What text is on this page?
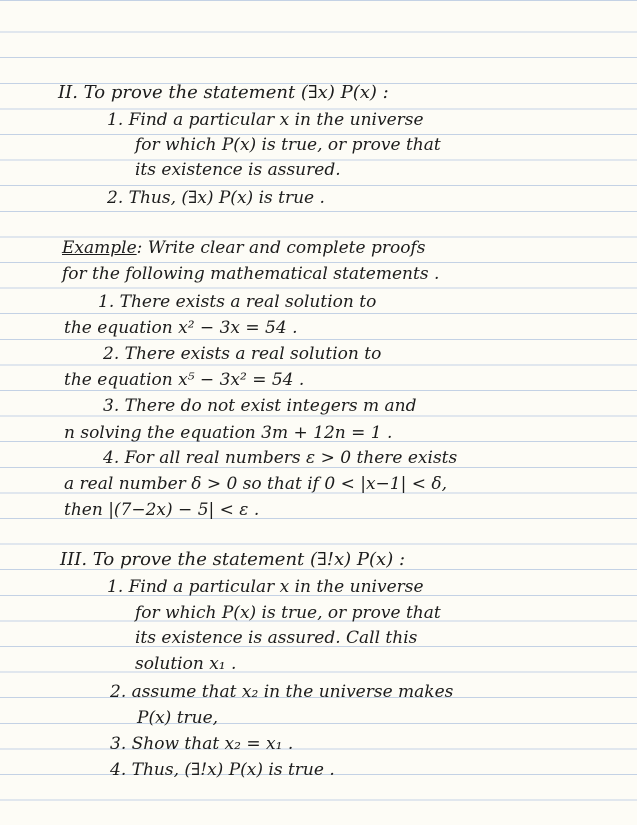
II. To prove the statement (∃x) P(x) :
1. Find a particular x in the universe
for which P(x) is true, or prove that
its existence is assured.
2. Thus, (∃x) P(x) is true .
Example: Write clear and complete proofs
for the following mathematical statements .
1. There exists a real solution to
the equation x² − 3x = 54 .
2. There exists a real solution to
the equation x⁵ − 3x² = 54 .
3. There do not exist integers m and
n solving the equation 3m + 12n = 1 .
4. For all real numbers ε > 0 there exists
a real number δ > 0 so that if 0 < |x−1| < δ,
then |(7−2x) − 5| < ε .
III. To prove the statement (∃!x) P(x) :
1. Find a particular x in the universe
for which P(x) is true, or prove that
its existence is assured. Call this
solution x₁ .
2. assume that x₂ in the universe makes
P(x) true,
3. Show that x₂ = x₁ .
4. Thus, (∃!x) P(x) is true .
